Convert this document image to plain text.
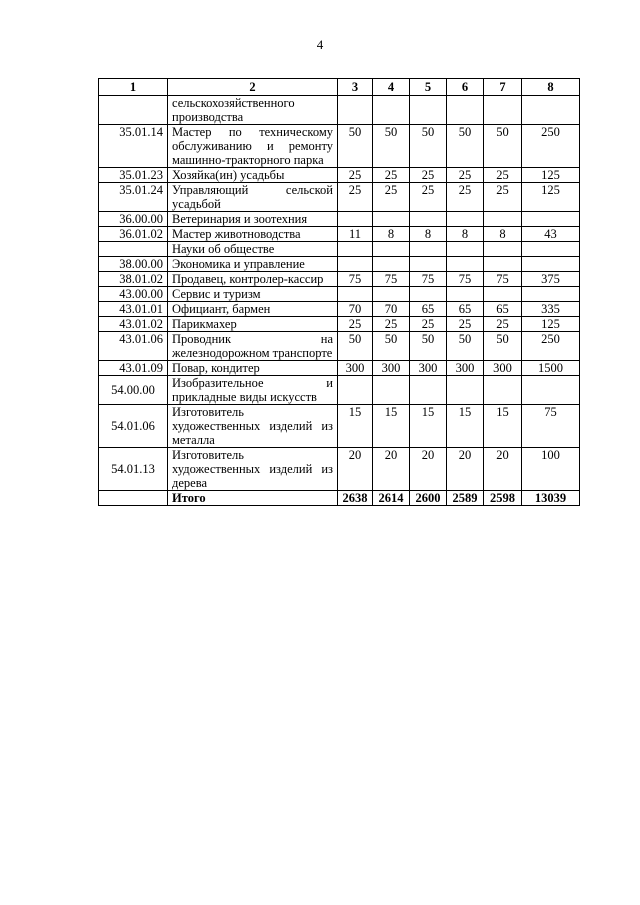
4
1	2	3	4	5	6	7	8
	сельскохозяйственного производства						
35.01.14	Мастер по техническому обслуживанию и ремонту машинно-тракторного парка	50	50	50	50	50	250
35.01.23	Хозяйка(ин) усадьбы	25	25	25	25	25	125
35.01.24	Управляющий сельской усадьбой	25	25	25	25	25	125
36.00.00	Ветеринария и зоотехния						
36.01.02	Мастер животноводства	11	8	8	8	8	43
	Науки об обществе						
38.00.00	Экономика и управление						
38.01.02	Продавец, контролер-кассир	75	75	75	75	75	375
43.00.00	Сервис и туризм						
43.01.01	Официант, бармен	70	70	65	65	65	335
43.01.02	Парикмахер	25	25	25	25	25	125
43.01.06	Проводник на железнодорожном транспорте	50	50	50	50	50	250
43.01.09	Повар, кондитер	300	300	300	300	300	1500
54.00.00	Изобразительное и прикладные виды искусств						
54.01.06	Изготовитель художественных изделий из металла	15	15	15	15	15	75
54.01.13	Изготовитель художественных изделий из дерева	20	20	20	20	20	100
	Итого	2638	2614	2600	2589	2598	13039
